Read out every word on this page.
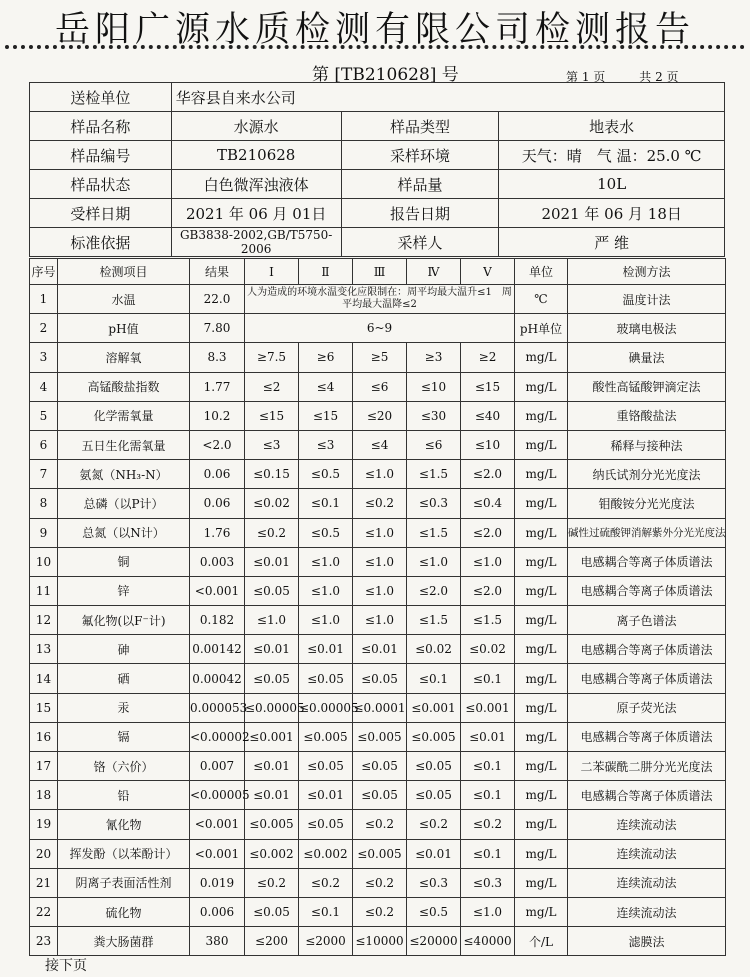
岳阳广源水质检测有限公司检测报告
第 [TB210628] 号	第 1 页	共 2 页
送检单位	华容县自来水公司		
样品名称	水源水	样品类型	地表水
样品编号	TB210628	采样环境	天气：晴　气 温：25.0 ℃
样品状态	白色微浑浊液体	样品量	10L
受样日期	2021 年 06 月 01日	报告日期	2021 年 06 月 18日
标准依据	GB3838-2002,GB/T5750-2006	采样人	严 维
序号	检测项目	结果	Ⅰ	Ⅱ	Ⅲ	Ⅳ	Ⅴ	单位	检测方法
1	水温	22.0	人为造成的环境水温变化应限制在：周平均最大温升≤1　周平均最大温降≤2					℃	温度计法
2	pH值	7.80	6~9					pH单位	玻璃电极法
3	溶解氧	8.3	≥7.5	≥6	≥5	≥3	≥2	mg/L	碘量法
4	高锰酸盐指数	1.77	≤2	≤4	≤6	≤10	≤15	mg/L	酸性高锰酸钾滴定法
5	化学需氧量	10.2	≤15	≤15	≤20	≤30	≤40	mg/L	重铬酸盐法
6	五日生化需氧量	<2.0	≤3	≤3	≤4	≤6	≤10	mg/L	稀释与接种法
7	氨氮（NH₃-N）	0.06	≤0.15	≤0.5	≤1.0	≤1.5	≤2.0	mg/L	纳氏试剂分光光度法
8	总磷（以P计）	0.06	≤0.02	≤0.1	≤0.2	≤0.3	≤0.4	mg/L	钼酸铵分光光度法
9	总氮（以N计）	1.76	≤0.2	≤0.5	≤1.0	≤1.5	≤2.0	mg/L	碱性过硫酸钾消解紫外分光光度法
10	铜	0.003	≤0.01	≤1.0	≤1.0	≤1.0	≤1.0	mg/L	电感耦合等离子体质谱法
11	锌	<0.001	≤0.05	≤1.0	≤1.0	≤2.0	≤2.0	mg/L	电感耦合等离子体质谱法
12	氟化物(以F⁻计)	0.182	≤1.0	≤1.0	≤1.0	≤1.5	≤1.5	mg/L	离子色谱法
13	砷	0.00142	≤0.01	≤0.01	≤0.01	≤0.02	≤0.02	mg/L	电感耦合等离子体质谱法
14	硒	0.00042	≤0.05	≤0.05	≤0.05	≤0.1	≤0.1	mg/L	电感耦合等离子体质谱法
15	汞	0.000053	≤0.00005	≤0.00005	≤0.0001	≤0.001	≤0.001	mg/L	原子荧光法
16	镉	<0.00002	≤0.001	≤0.005	≤0.005	≤0.005	≤0.01	mg/L	电感耦合等离子体质谱法
17	铬（六价）	0.007	≤0.01	≤0.05	≤0.05	≤0.05	≤0.1	mg/L	二苯碳酰二肼分光光度法
18	铅	<0.00005	≤0.01	≤0.01	≤0.05	≤0.05	≤0.1	mg/L	电感耦合等离子体质谱法
19	氰化物	<0.001	≤0.005	≤0.05	≤0.2	≤0.2	≤0.2	mg/L	连续流动法
20	挥发酚（以苯酚计）	<0.001	≤0.002	≤0.002	≤0.005	≤0.01	≤0.1	mg/L	连续流动法
21	阴离子表面活性剂	0.019	≤0.2	≤0.2	≤0.2	≤0.3	≤0.3	mg/L	连续流动法
22	硫化物	0.006	≤0.05	≤0.1	≤0.2	≤0.5	≤1.0	mg/L	连续流动法
23	粪大肠菌群	380	≤200	≤2000	≤10000	≤20000	≤40000	个/L	滤膜法
接下页
